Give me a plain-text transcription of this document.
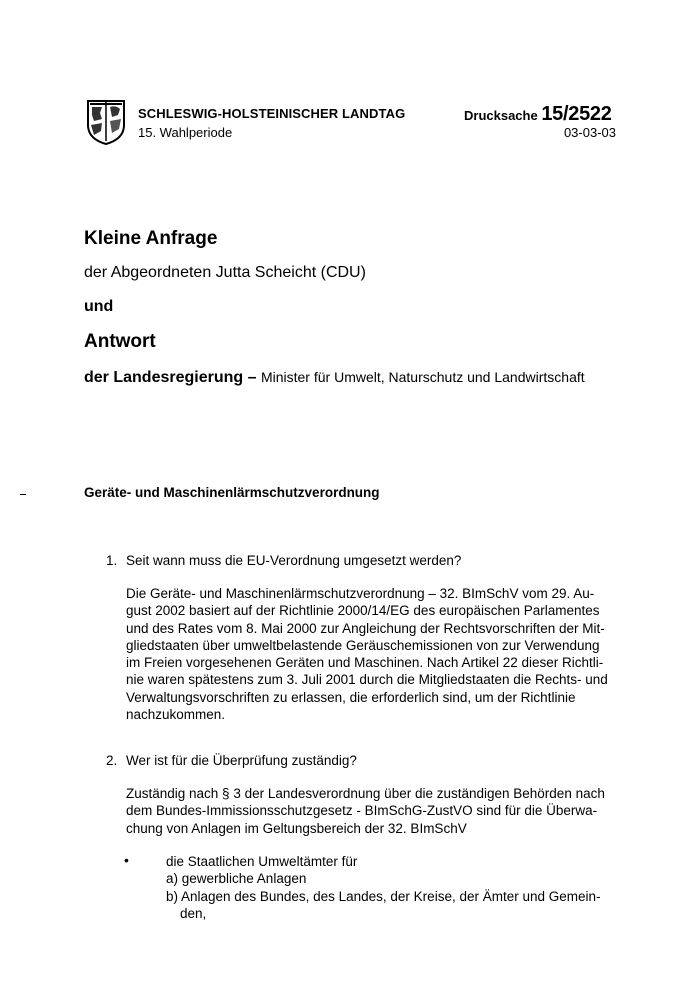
SCHLESWIG-HOLSTEINISCHER LANDTAG
15. Wahlperiode
Drucksache 15/2522
03-03-03
Kleine Anfrage
der Abgeordneten Jutta Scheicht (CDU)
und
Antwort
der Landesregierung – Minister für Umwelt, Naturschutz und Landwirtschaft
Geräte- und Maschinenlärmschutzverordnung
1. Seit wann muss die EU-Verordnung umgesetzt werden?
Die Geräte- und Maschinenlärmschutzverordnung – 32. BImSchV vom 29. Au-
gust 2002 basiert auf der Richtlinie 2000/14/EG des europäischen Parlamentes
und des Rates vom 8. Mai 2000 zur Angleichung der Rechtsvorschriften der Mit-
gliedstaaten über umweltbelastende Geräuschemissionen von zur Verwendung
im Freien vorgesehenen Geräten und Maschinen. Nach Artikel 22 dieser Richtli-
nie waren spätestens zum 3. Juli 2001 durch die Mitgliedstaaten die Rechts- und
Verwaltungsvorschriften zu erlassen, die erforderlich sind, um der Richtlinie
nachzukommen.
2. Wer ist für die Überprüfung zuständig?
Zuständig nach § 3 der Landesverordnung über die zuständigen Behörden nach
dem Bundes-Immissionsschutzgesetz - BImSchG-ZustVO sind für die Überwa-
chung von Anlagen im Geltungsbereich der 32. BImSchV
•	die Staatlichen Umweltämter für
a) gewerbliche Anlagen
b) Anlagen des Bundes, des Landes, der Kreise, der Ämter und Gemein-
den,
